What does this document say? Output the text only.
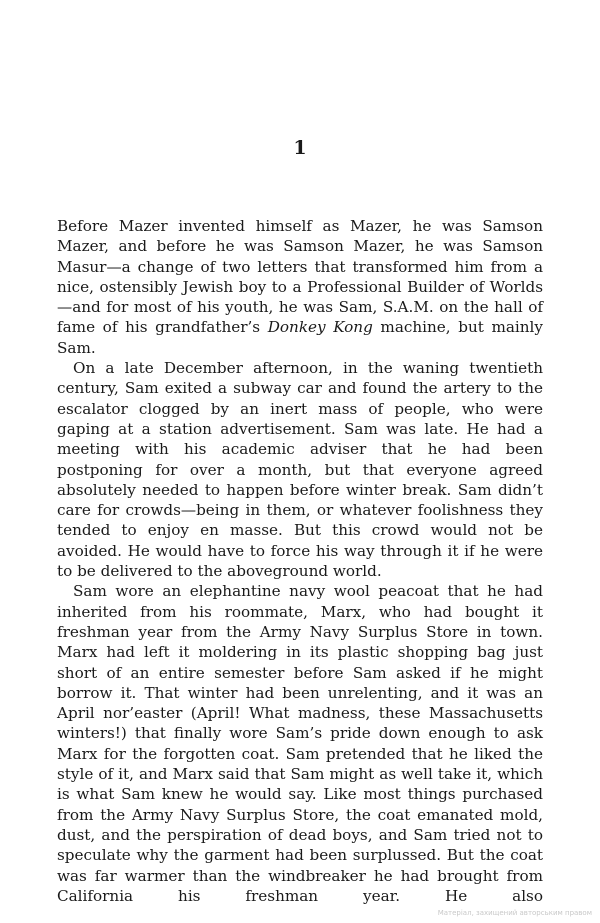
1

Before Mazer invented himself as Mazer, he was Samson Mazer, and before he was Samson Mazer, he was Samson Masur—a change of two letters that transformed him from a nice, ostensibly Jewish boy to a Professional Builder of Worlds—and for most of his youth, he was Sam, S.A.M. on the hall of fame of his grandfather’s Donkey Kong machine, but mainly Sam.

On a late December afternoon, in the waning twentieth century, Sam exited a subway car and found the artery to the escalator clogged by an inert mass of people, who were gaping at a station advertisement. Sam was late. He had a meeting with his academic adviser that he had been postponing for over a month, but that everyone agreed absolutely needed to happen before winter break. Sam didn’t care for crowds—being in them, or whatever foolishness they tended to enjoy en masse. But this crowd would not be avoided. He would have to force his way through it if he were to be delivered to the aboveground world.

Sam wore an elephantine navy wool peacoat that he had inherited from his roommate, Marx, who had bought it freshman year from the Army Navy Surplus Store in town. Marx had left it moldering in its plastic shopping bag just short of an entire semester before Sam asked if he might borrow it. That winter had been unrelenting, and it was an April nor’easter (April! What madness, these Massachusetts winters!) that finally wore Sam’s pride down enough to ask Marx for the forgotten coat. Sam pretended that he liked the style of it, and Marx said that Sam might as well take it, which is what Sam knew he would say. Like most things purchased from the Army Navy Surplus Store, the coat emanated mold, dust, and the perspiration of dead boys, and Sam tried not to speculate why the garment had been surplussed. But the coat was far warmer than the windbreaker he had brought from California his freshman year. He also

Матеріал, захищений авторським правом
